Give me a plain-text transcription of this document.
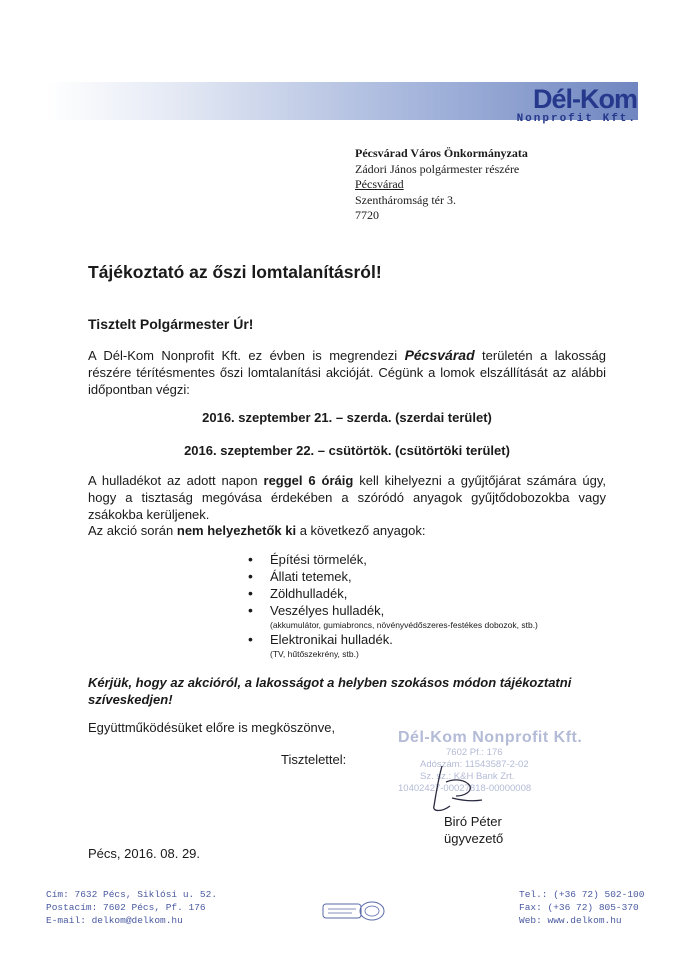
Dél-Kom
Nonprofit Kft.
Pécsvárad Város Önkormányzata
Zádori János polgármester részére
Pécsvárad
Szentháromság tér 3.
7720
Tájékoztató az őszi lomtalanításról!
Tisztelt Polgármester Úr!
A Dél-Kom Nonprofit Kft. ez évben is megrendezi Pécsvárad területén a lakosság részére térítésmentes őszi lomtalanítási akcióját. Cégünk a lomok elszállítását az alábbi időpontban végzi:
2016. szeptember 21. – szerda. (szerdai terület)
2016. szeptember 22. – csütörtök. (csütörtöki terület)
A hulladékot az adott napon reggel 6 óráig kell kihelyezni a gyűjtőjárat számára úgy, hogy a tisztaság megóvása érdekében a szóródó anyagok gyűjtődobozokba vagy zsákokba kerüljenek.
Az akció során nem helyezhetők ki a következő anyagok:
• Építési törmelék,
• Állati tetemek,
• Zöldhulladék,
• Veszélyes hulladék,
(akkumulátor, gumiabroncs, növényvédőszeres-festékes dobozok, stb.)
• Elektronikai hulladék.
(TV, hűtőszekrény, stb.)
Kérjük, hogy az akcióról, a lakosságot a helyben szokásos módon tájékoztatni szíveskedjen!
Együttműködésüket előre is megköszönve,
Tisztelettel:
Dél-Kom Nonprofit Kft.
7602 Pf.: 176
Adószám: 11543587-2-02
Sz. sz.: K&H Bank Zrt.
10402427-00027818-00000008
Biró Péter
ügyvezető
Pécs, 2016. 08. 29.
Cím: 7632 Pécs, Siklósi u. 52.
Postacím: 7602 Pécs, Pf. 176
E-mail: delkom@delkom.hu
Tel.: (+36 72) 502-100
Fax: (+36 72) 805-370
Web: www.delkom.hu
